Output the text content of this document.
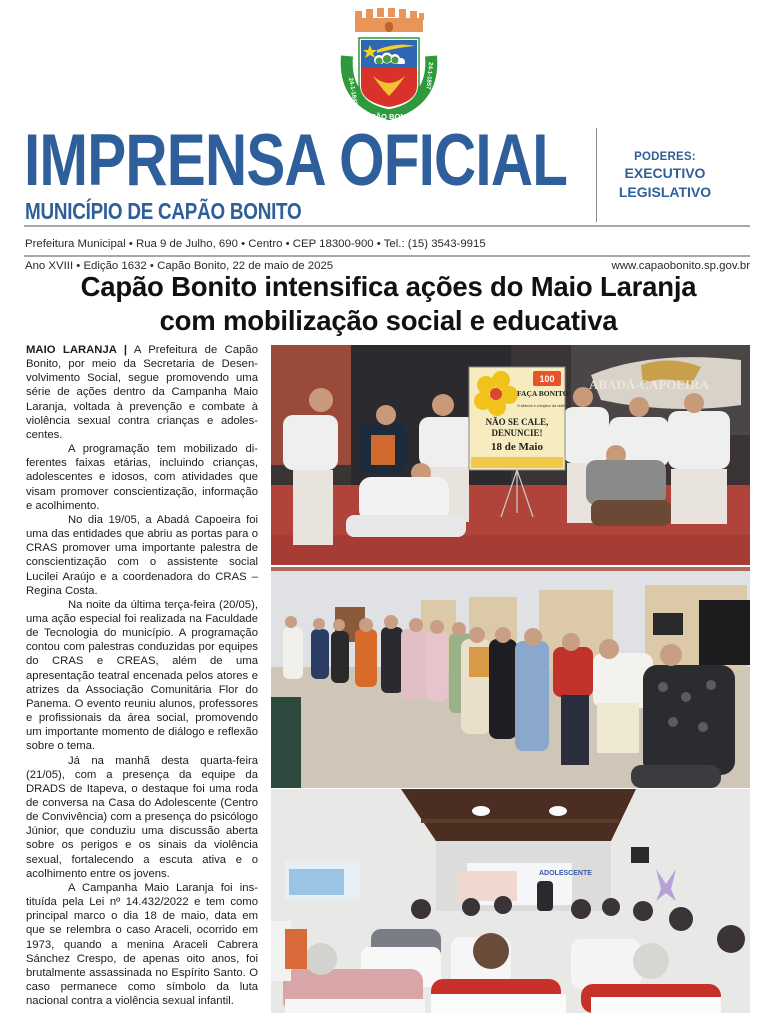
CAPÃO BONITO
24-1-1843
24-1-1857
IMPRENSA OFICIAL
MUNICÍPIO DE CAPÃO BONITO
PODERES:
EXECUTIVO
LEGISLATIVO
Prefeitura Municipal • Rua 9 de Julho, 690 • Centro • CEP 18300-900 • Tel.: (15) 3543-9915
Ano XVIII • Edição 1632 • Capão Bonito, 22 de maio de 2025	www.capaobonito.sp.gov.br
Capão Bonito intensifica ações do Maio Laranja
com mobilização social e educativa

MAIO LARANJA | A Prefeitura de Capão Bonito, por meio da Secretaria de Desenvolvimento Social, segue promovendo uma série de ações dentro da Campanha Maio Laranja, voltada à prevenção e combate à violência sexual contra crianças e adolescentes.

A programação tem mobilizado diferentes faixas etárias, incluindo crianças, adolescentes e idosos, com atividades que visam promover conscientização, informação e acolhimento.

No dia 19/05, a Abadá Capoeira foi uma das entidades que abriu as portas para o CRAS promover uma importante palestra de conscientização com o assistente social Lucilei Araújo e a coordenadora do CRAS – Regina Costa.

Na noite da última terça-feira (20/05), uma ação especial foi realizada na Faculdade de Tecnologia do município. A programação contou com palestras conduzidas por equipes do CRAS e CREAS, além de uma apresentação teatral encenada pelos atores e atrizes da Associação Comunitária Flor do Panema. O evento reuniu alunos, professores e profissionais da área social, promovendo um importante momento de diálogo e reflexão sobre o tema.

Já na manhã desta quarta-feira (21/05), com a presença da equipe da DRADS de Itapeva, o destaque foi uma roda de conversa na Casa do Adolescente (Centro de Convivência) com a presença do psicólogo Júnior, que conduziu uma discussão aberta sobre os perigos e os sinais da violência sexual, fortalecendo a escuta ativa e o acolhimento entre os jovens.

A Campanha Maio Laranja foi instituída pela Lei nº 14.432/2022 e tem como principal marco o dia 18 de maio, data em que se relembra o caso Araceli, ocorrido em 1973, quando a menina Araceli Cabrera Sánchez Crespo, de apenas oito anos, foi brutalmente assassinada no Espírito Santo. O caso permanece como símbolo da luta nacional contra a violência sexual infantil.

ABADÁ-CAPOEIRA
100
FAÇA BONITO
O silêncio é cúmplice da violência
NÃO SE CALE,
DENUNCIE!
18 de Maio
ADOLESCENTE
